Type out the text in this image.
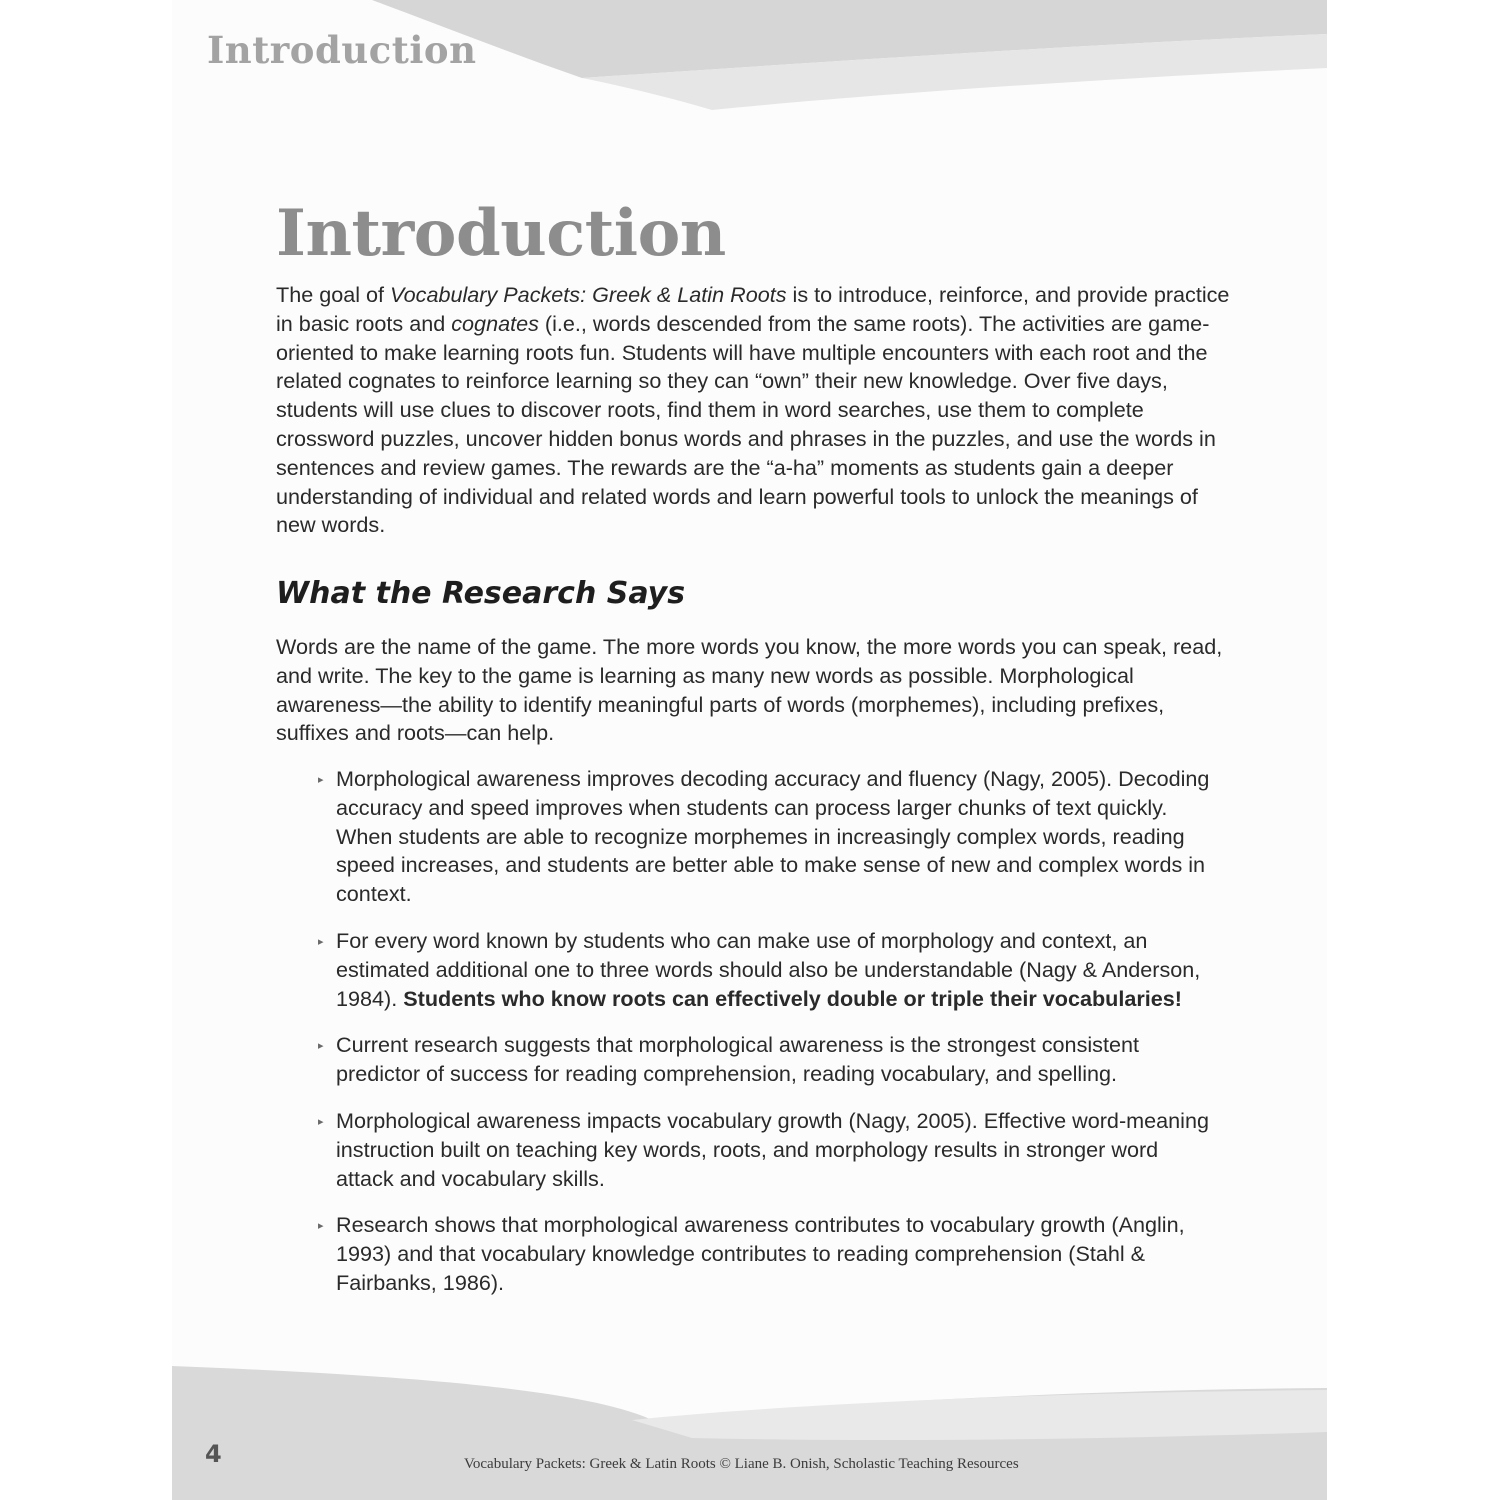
Introduction
Introduction

The goal of Vocabulary Packets: Greek & Latin Roots is to introduce, reinforce, and provide practice in basic roots and cognates (i.e., words descended from the same roots). The activities are game-oriented to make learning roots fun. Students will have multiple encounters with each root and the related cognates to reinforce learning so they can “own” their new knowledge. Over five days, students will use clues to discover roots, find them in word searches, use them to complete crossword puzzles, uncover hidden bonus words and phrases in the puzzles, and use the words in sentences and review games. The rewards are the “a-ha” moments as students gain a deeper understanding of individual and related words and learn powerful tools to unlock the meanings of new words.

What the Research Says

Words are the name of the game. The more words you know, the more words you can speak, read, and write. The key to the game is learning as many new words as possible. Morphological awareness—the ability to identify meaningful parts of words (morphemes), including prefixes, suffixes and roots—can help.

▸ Morphological awareness improves decoding accuracy and fluency (Nagy, 2005). Decoding accuracy and speed improves when students can process larger chunks of text quickly. When students are able to recognize morphemes in increasingly complex words, reading speed increases, and students are better able to make sense of new and complex words in context.
▸ For every word known by students who can make use of morphology and context, an estimated additional one to three words should also be understandable (Nagy & Anderson, 1984). Students who know roots can effectively double or triple their vocabularies!
▸ Current research suggests that morphological awareness is the strongest consistent predictor of success for reading comprehension, reading vocabulary, and spelling.
▸ Morphological awareness impacts vocabulary growth (Nagy, 2005). Effective word-meaning instruction built on teaching key words, roots, and morphology results in stronger word attack and vocabulary skills.
▸ Research shows that morphological awareness contributes to vocabulary growth (Anglin, 1993) and that vocabulary knowledge contributes to reading comprehension (Stahl & Fairbanks, 1986).
4	Vocabulary Packets: Greek & Latin Roots © Liane B. Onish, Scholastic Teaching Resources
